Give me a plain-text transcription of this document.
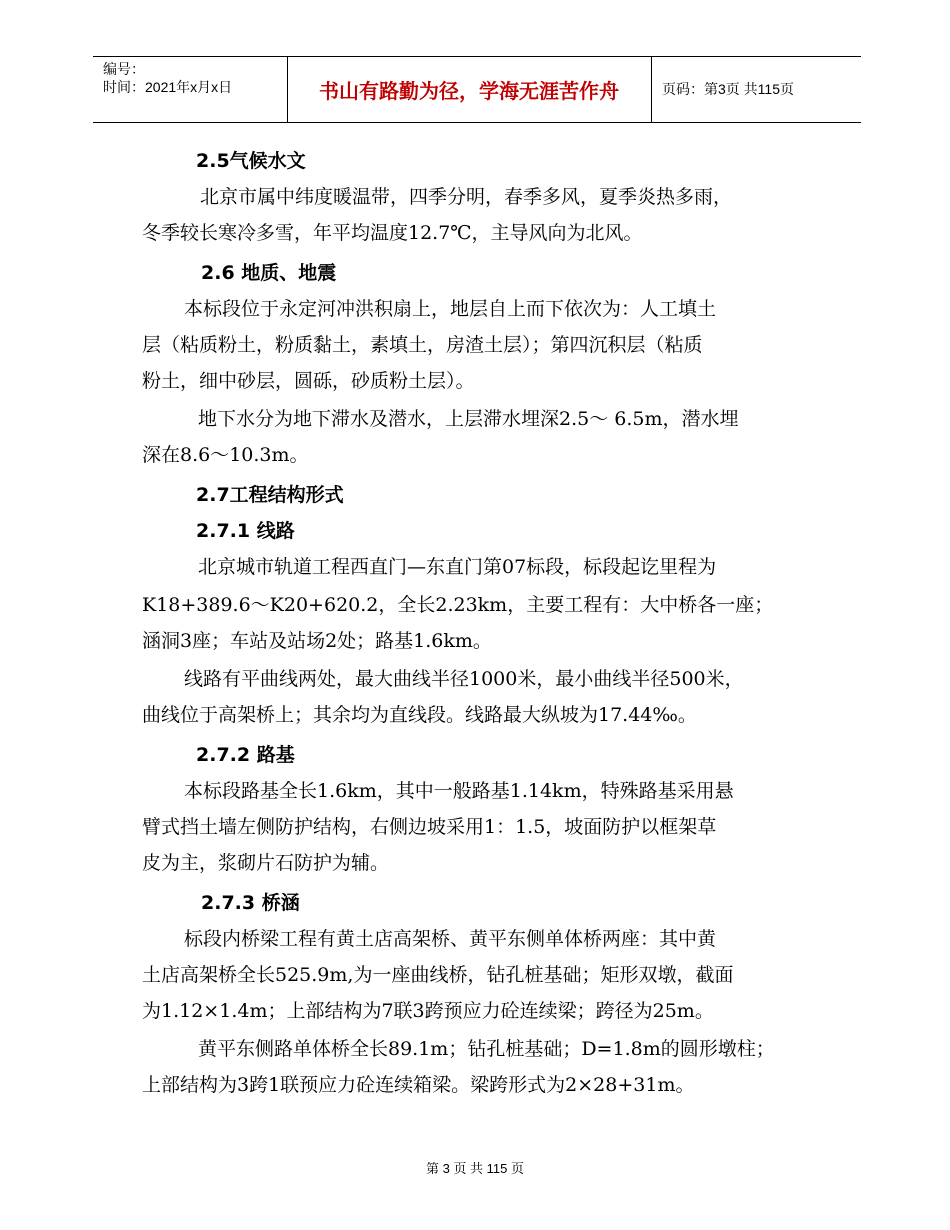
编号：
时间：2021年x月x日	书山有路勤为径，学海无涯苦作舟	页码：第3页 共115页
2.5气候水文
北京市属中纬度暖温带，四季分明，春季多风，夏季炎热多雨，
冬季较长寒冷多雪，年平均温度12.7℃，主导风向为北风。
2.6 地质、地震
本标段位于永定河冲洪积扇上，地层自上而下依次为：人工填土
层（粘质粉土，粉质黏土，素填土，房渣土层）；第四沉积层（粘质
粉土，细中砂层，圆砾，砂质粉土层）。
地下水分为地下滞水及潜水，上层滞水埋深2.5～ 6.5m，潜水埋
深在8.6～10.3m。
2.7工程结构形式
2.7.1 线路
北京城市轨道工程西直门—东直门第07标段，标段起讫里程为
K18+389.6～K20+620.2，全长2.23km，主要工程有：大中桥各一座；
涵洞3座；车站及站场2处；路基1.6km。
线路有平曲线两处，最大曲线半径1000米，最小曲线半径500米，
曲线位于高架桥上；其余均为直线段。线路最大纵坡为17.44‰。
2.7.2 路基
本标段路基全长1.6km，其中一般路基1.14km，特殊路基采用悬
臂式挡土墙左侧防护结构，右侧边坡采用1：1.5，坡面防护以框架草
皮为主，浆砌片石防护为辅。
2.7.3 桥涵
标段内桥梁工程有黄土店高架桥、黄平东侧单体桥两座：其中黄
土店高架桥全长525.9m,为一座曲线桥，钻孔桩基础；矩形双墩，截面
为1.12×1.4m；上部结构为7联3跨预应力砼连续梁；跨径为25m。
黄平东侧路单体桥全长89.1m；钻孔桩基础；D=1.8m的圆形墩柱；
上部结构为3跨1联预应力砼连续箱梁。梁跨形式为2×28+31m。
第 3 页 共 115 页
